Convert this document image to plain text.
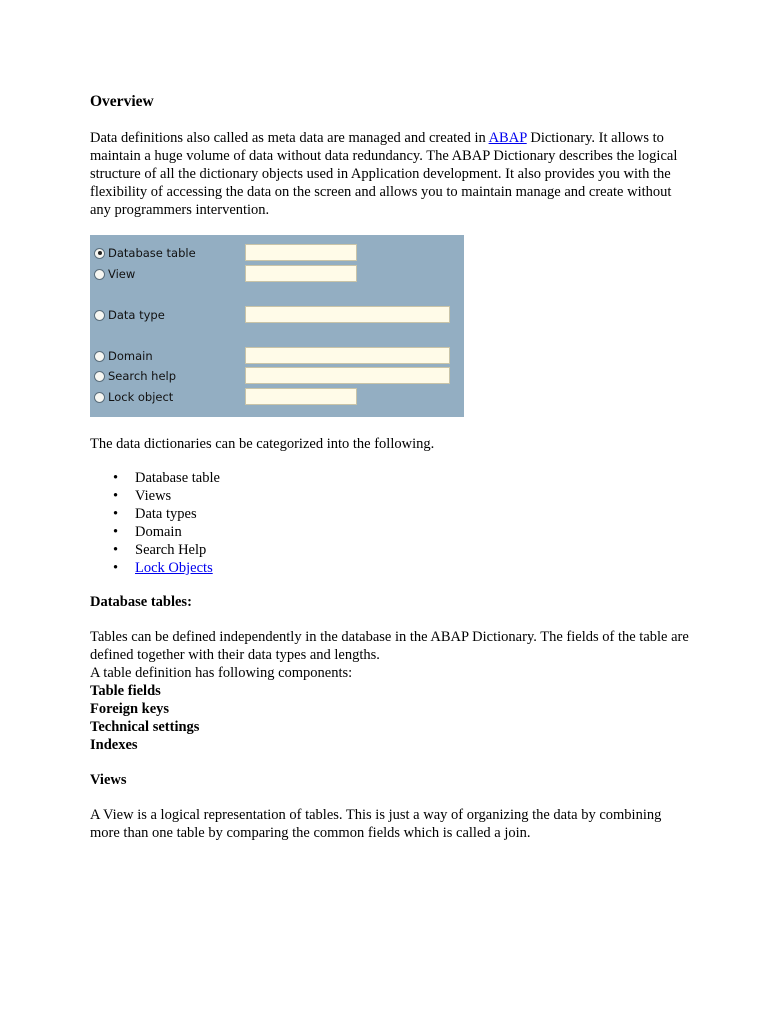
Overview

Data definitions also called as meta data are managed and created in ABAP Dictionary. It allows to maintain a huge volume of data without data redundancy. The ABAP Dictionary describes the logical structure of all the dictionary objects used in Application development. It also provides you with the flexibility of accessing the data on the screen and allows you to maintain manage and create without any programmers intervention.

Database table
View
Data type
Domain
Search help
Lock object

The data dictionaries can be categorized into the following.

• Database table
• Views
• Data types
• Domain
• Search Help
• Lock Objects
Database tables:

Tables can be defined independently in the database in the ABAP Dictionary. The fields of the table are defined together with their data types and lengths.

A table definition has following components:

Table fields

Foreign keys

Technical settings

Indexes

Views

A View is a logical representation of tables. This is just a way of organizing the data by combining more than one table by comparing the common fields which is called a join.
